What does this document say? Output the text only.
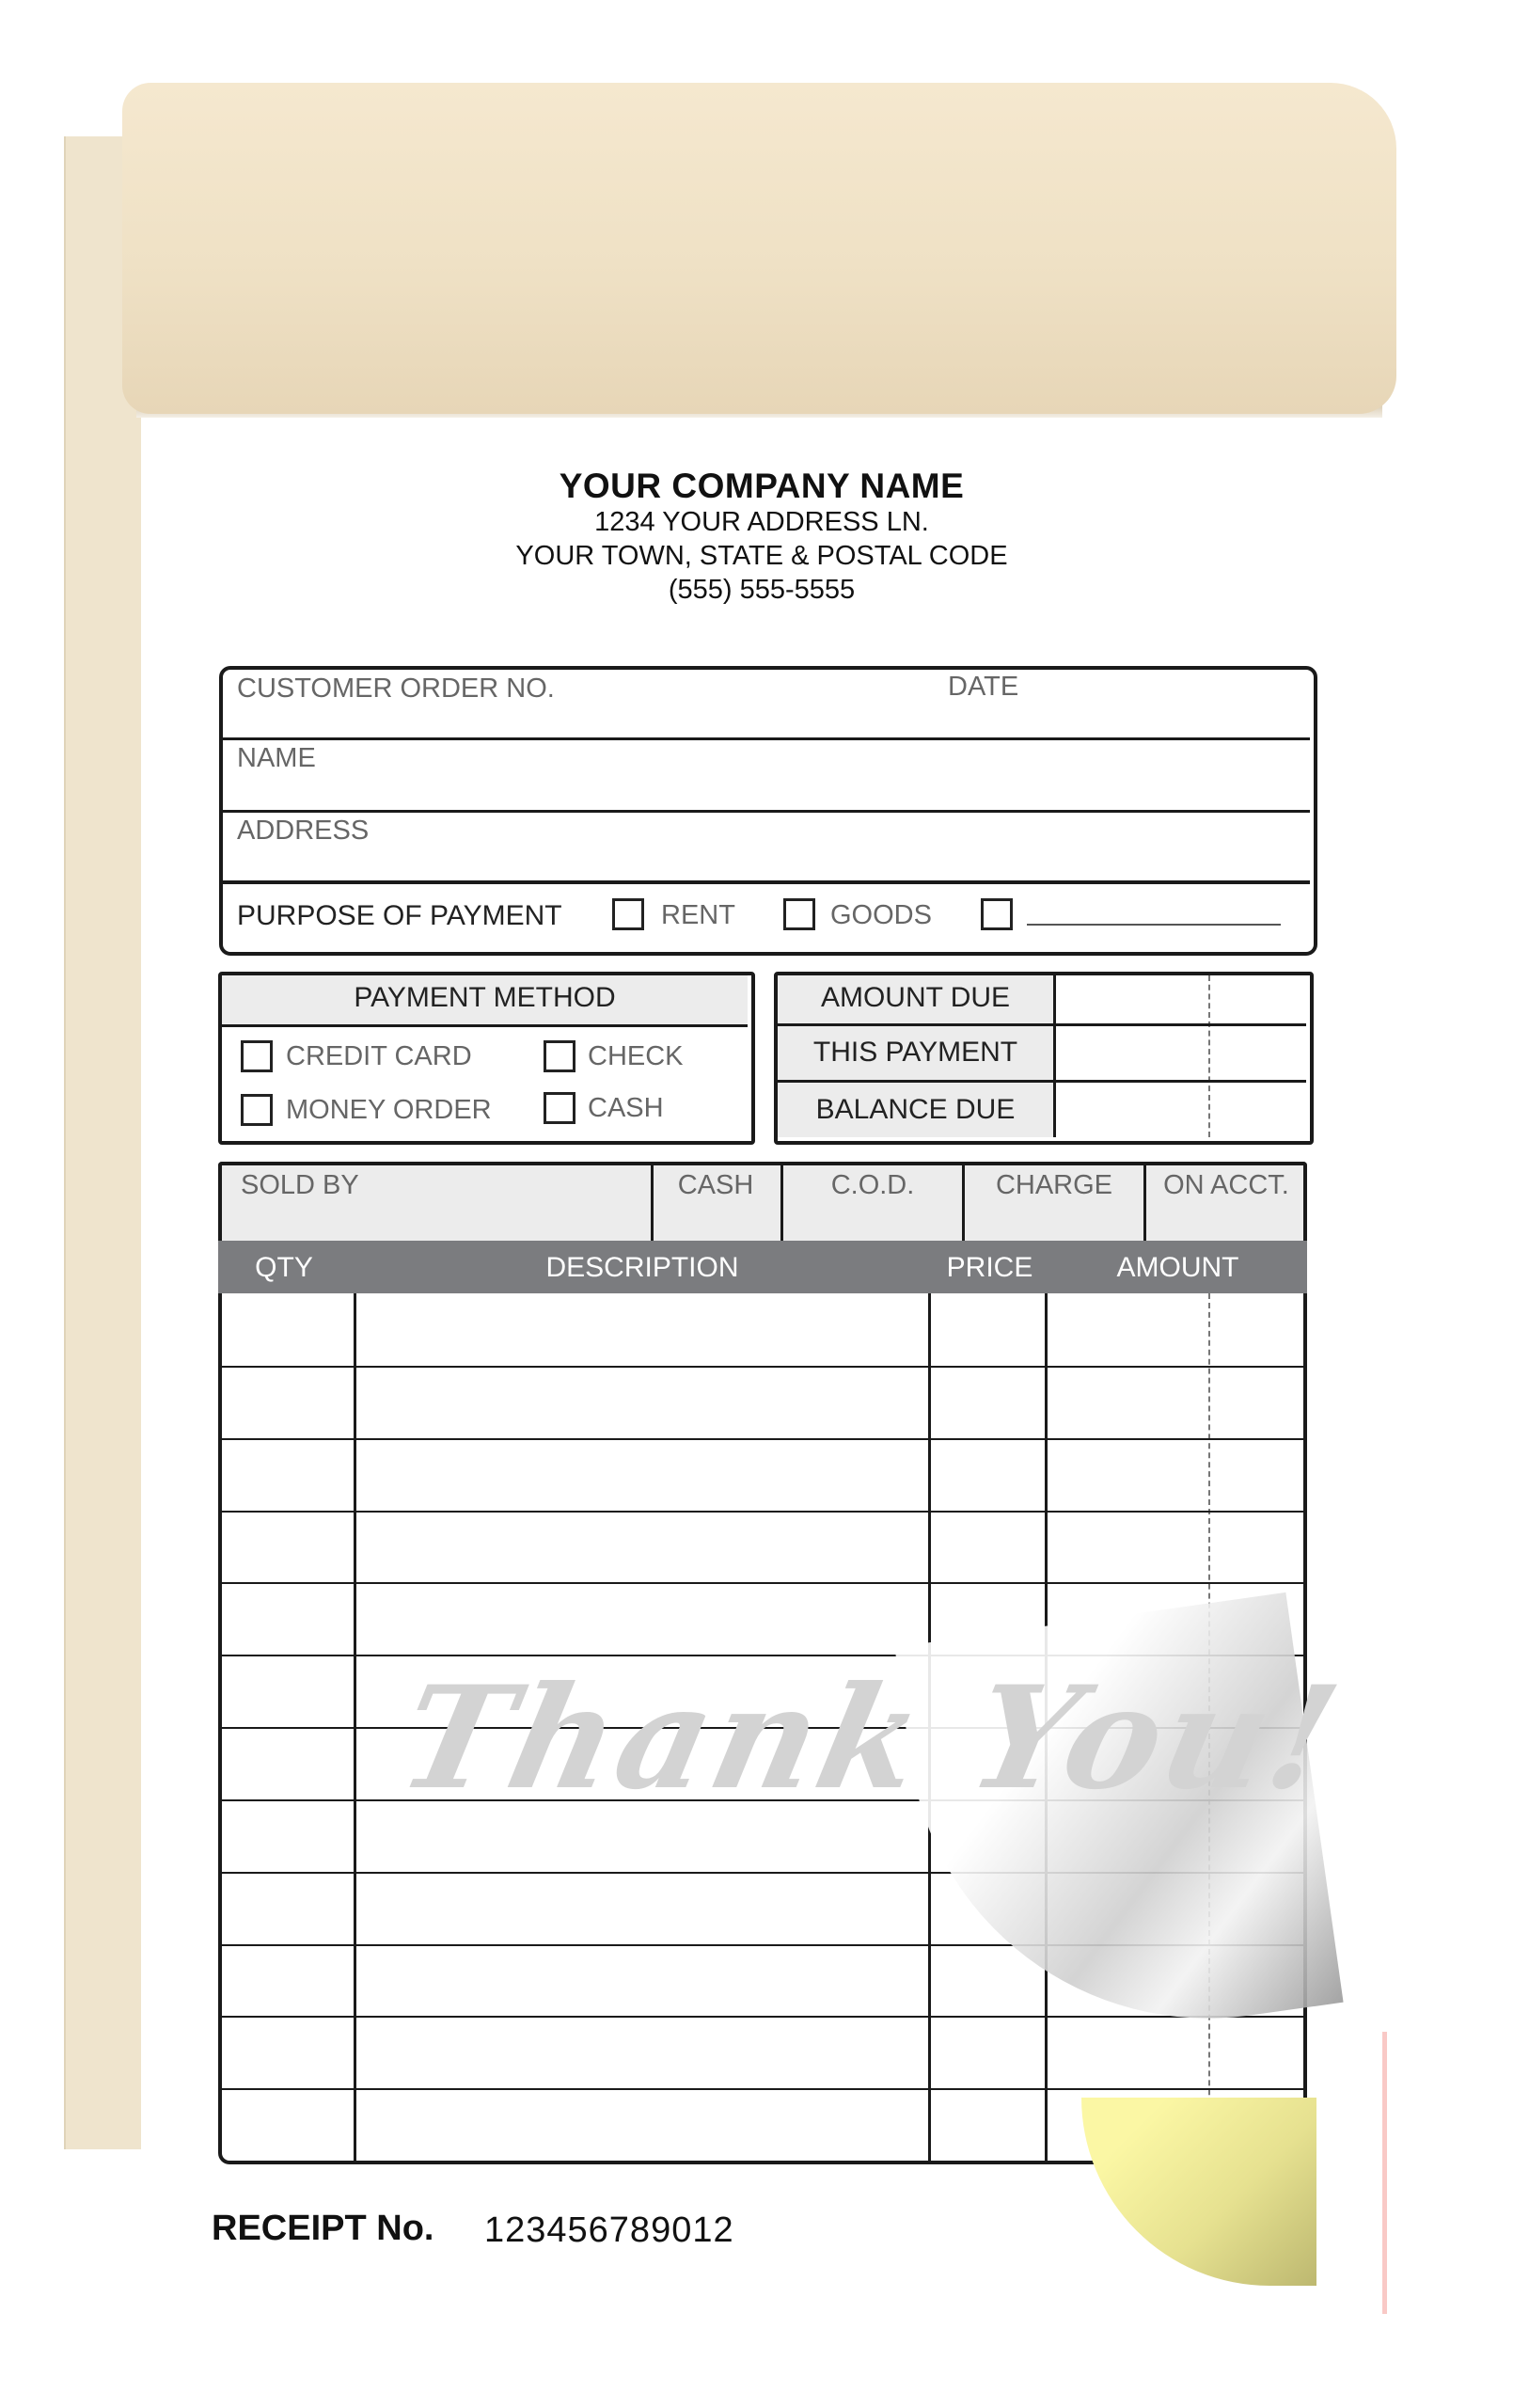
YOUR COMPANY NAME
1234 YOUR ADDRESS LN.
YOUR TOWN, STATE & POSTAL CODE
(555) 555-5555
CUSTOMER ORDER NO.	DATE
NAME
ADDRESS
PURPOSE OF PAYMENT	RENT	GOODS
PAYMENT METHOD
CREDIT CARD	CHECK
MONEY ORDER	CASH
AMOUNT DUE
THIS PAYMENT
BALANCE DUE
SOLD BY	CASH	C.O.D.	CHARGE	ON ACCT.
QTY	DESCRIPTION	PRICE	AMOUNT
Thank You!
RECEIPT No. 123456789012
